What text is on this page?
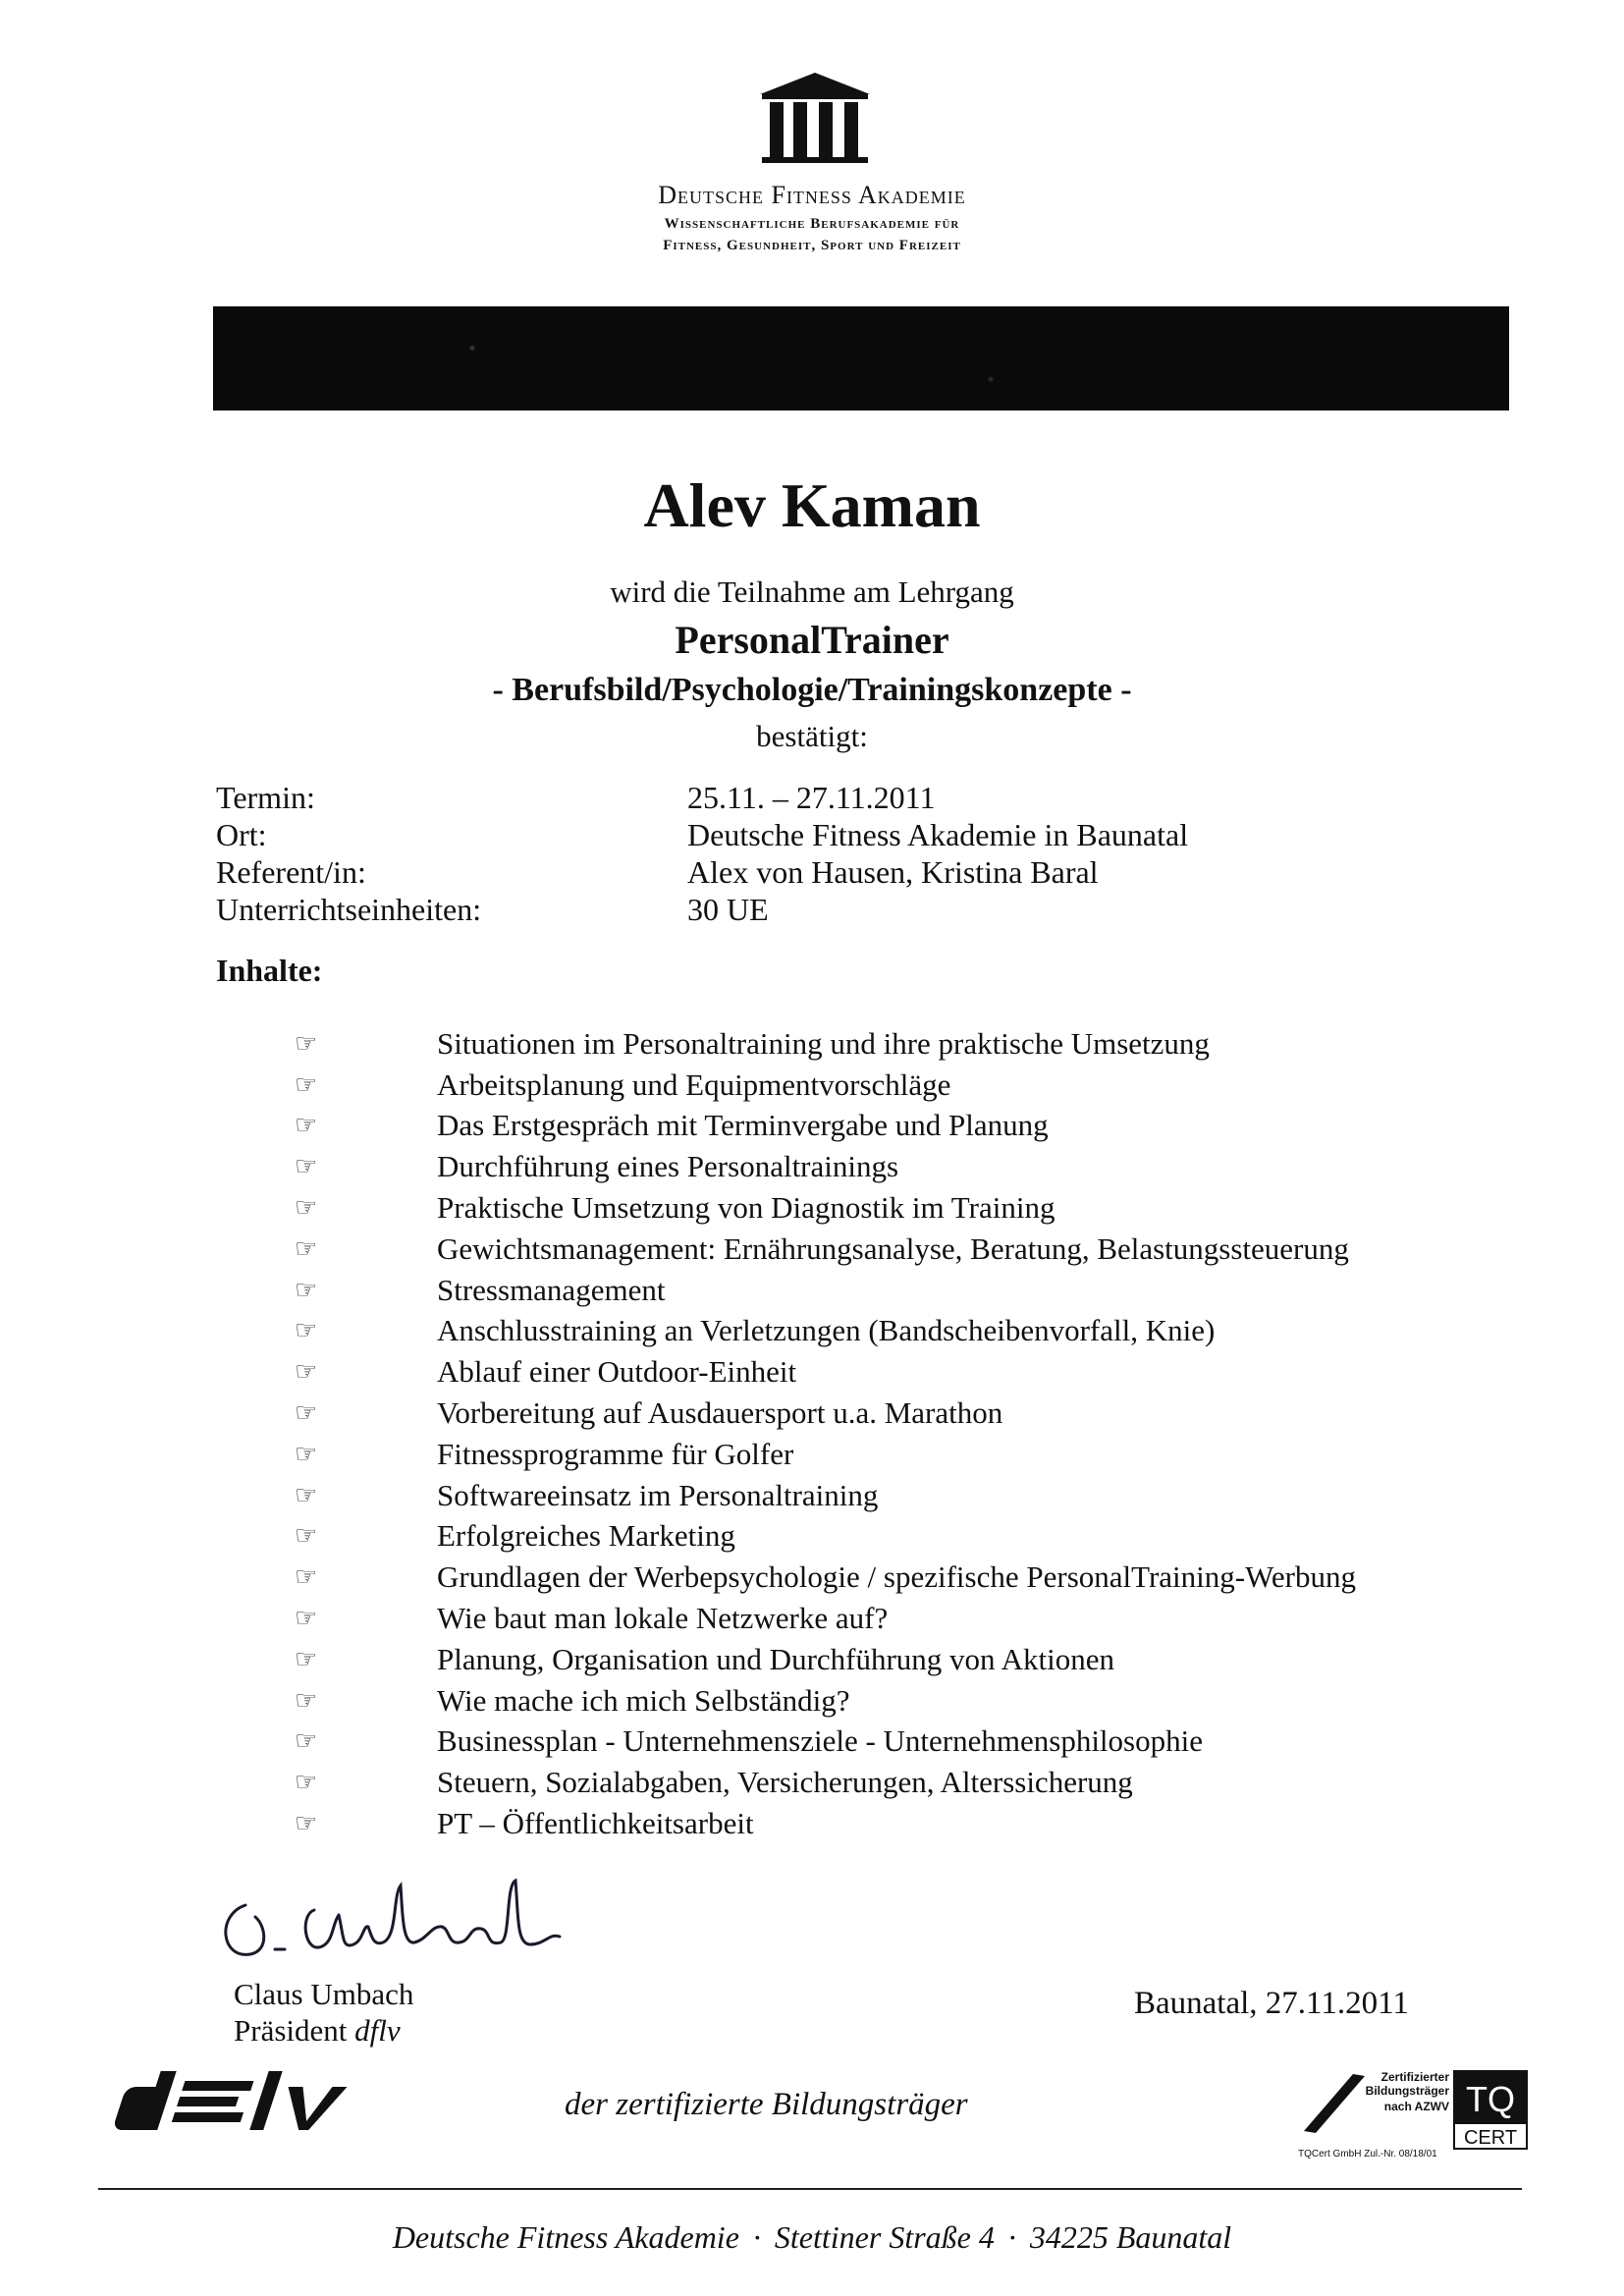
Deutsche Fitness Akademie
Wissenschaftliche Berufsakademie für
Fitness, Gesundheit, Sport und Freizeit
Alev Kaman
wird die Teilnahme am Lehrgang
PersonalTrainer
- Berufsbild/Psychologie/Trainingskonzepte -
bestätigt:
Termin:	25.11. – 27.11.2011
Ort:	Deutsche Fitness Akademie in Baunatal
Referent/in:	Alex von Hausen, Kristina Baral
Unterrichtseinheiten:	30 UE
Inhalte:
☞	Situationen im Personaltraining und ihre praktische Umsetzung
☞	Arbeitsplanung und Equipmentvorschläge
☞	Das Erstgespräch mit Terminvergabe und Planung
☞	Durchführung eines Personaltrainings
☞	Praktische Umsetzung von Diagnostik im Training
☞	Gewichtsmanagement: Ernährungsanalyse, Beratung, Belastungssteuerung
☞	Stressmanagement
☞	Anschlusstraining an Verletzungen (Bandscheibenvorfall, Knie)
☞	Ablauf einer Outdoor-Einheit
☞	Vorbereitung auf Ausdauersport u.a. Marathon
☞	Fitnessprogramme für Golfer
☞	Softwareeinsatz im Personaltraining
☞	Erfolgreiches Marketing
☞	Grundlagen der Werbepsychologie / spezifische PersonalTraining-Werbung
☞	Wie baut man lokale Netzwerke auf?
☞	Planung, Organisation und Durchführung von Aktionen
☞	Wie mache ich mich Selbständig?
☞	Businessplan - Unternehmensziele - Unternehmensphilosophie
☞	Steuern, Sozialabgaben, Versicherungen, Alterssicherung
☞	PT – Öffentlichkeitsarbeit
Claus Umbach
Präsident dflv
Baunatal, 27.11.2011
der zertifizierte Bildungsträger
Zertifizierter Bildungsträger
nach AZWV TQ
CERT
TQCert GmbH Zul.-Nr. 08/18/01
Deutsche Fitness Akademie · Stettiner Straße 4 · 34225 Baunatal
